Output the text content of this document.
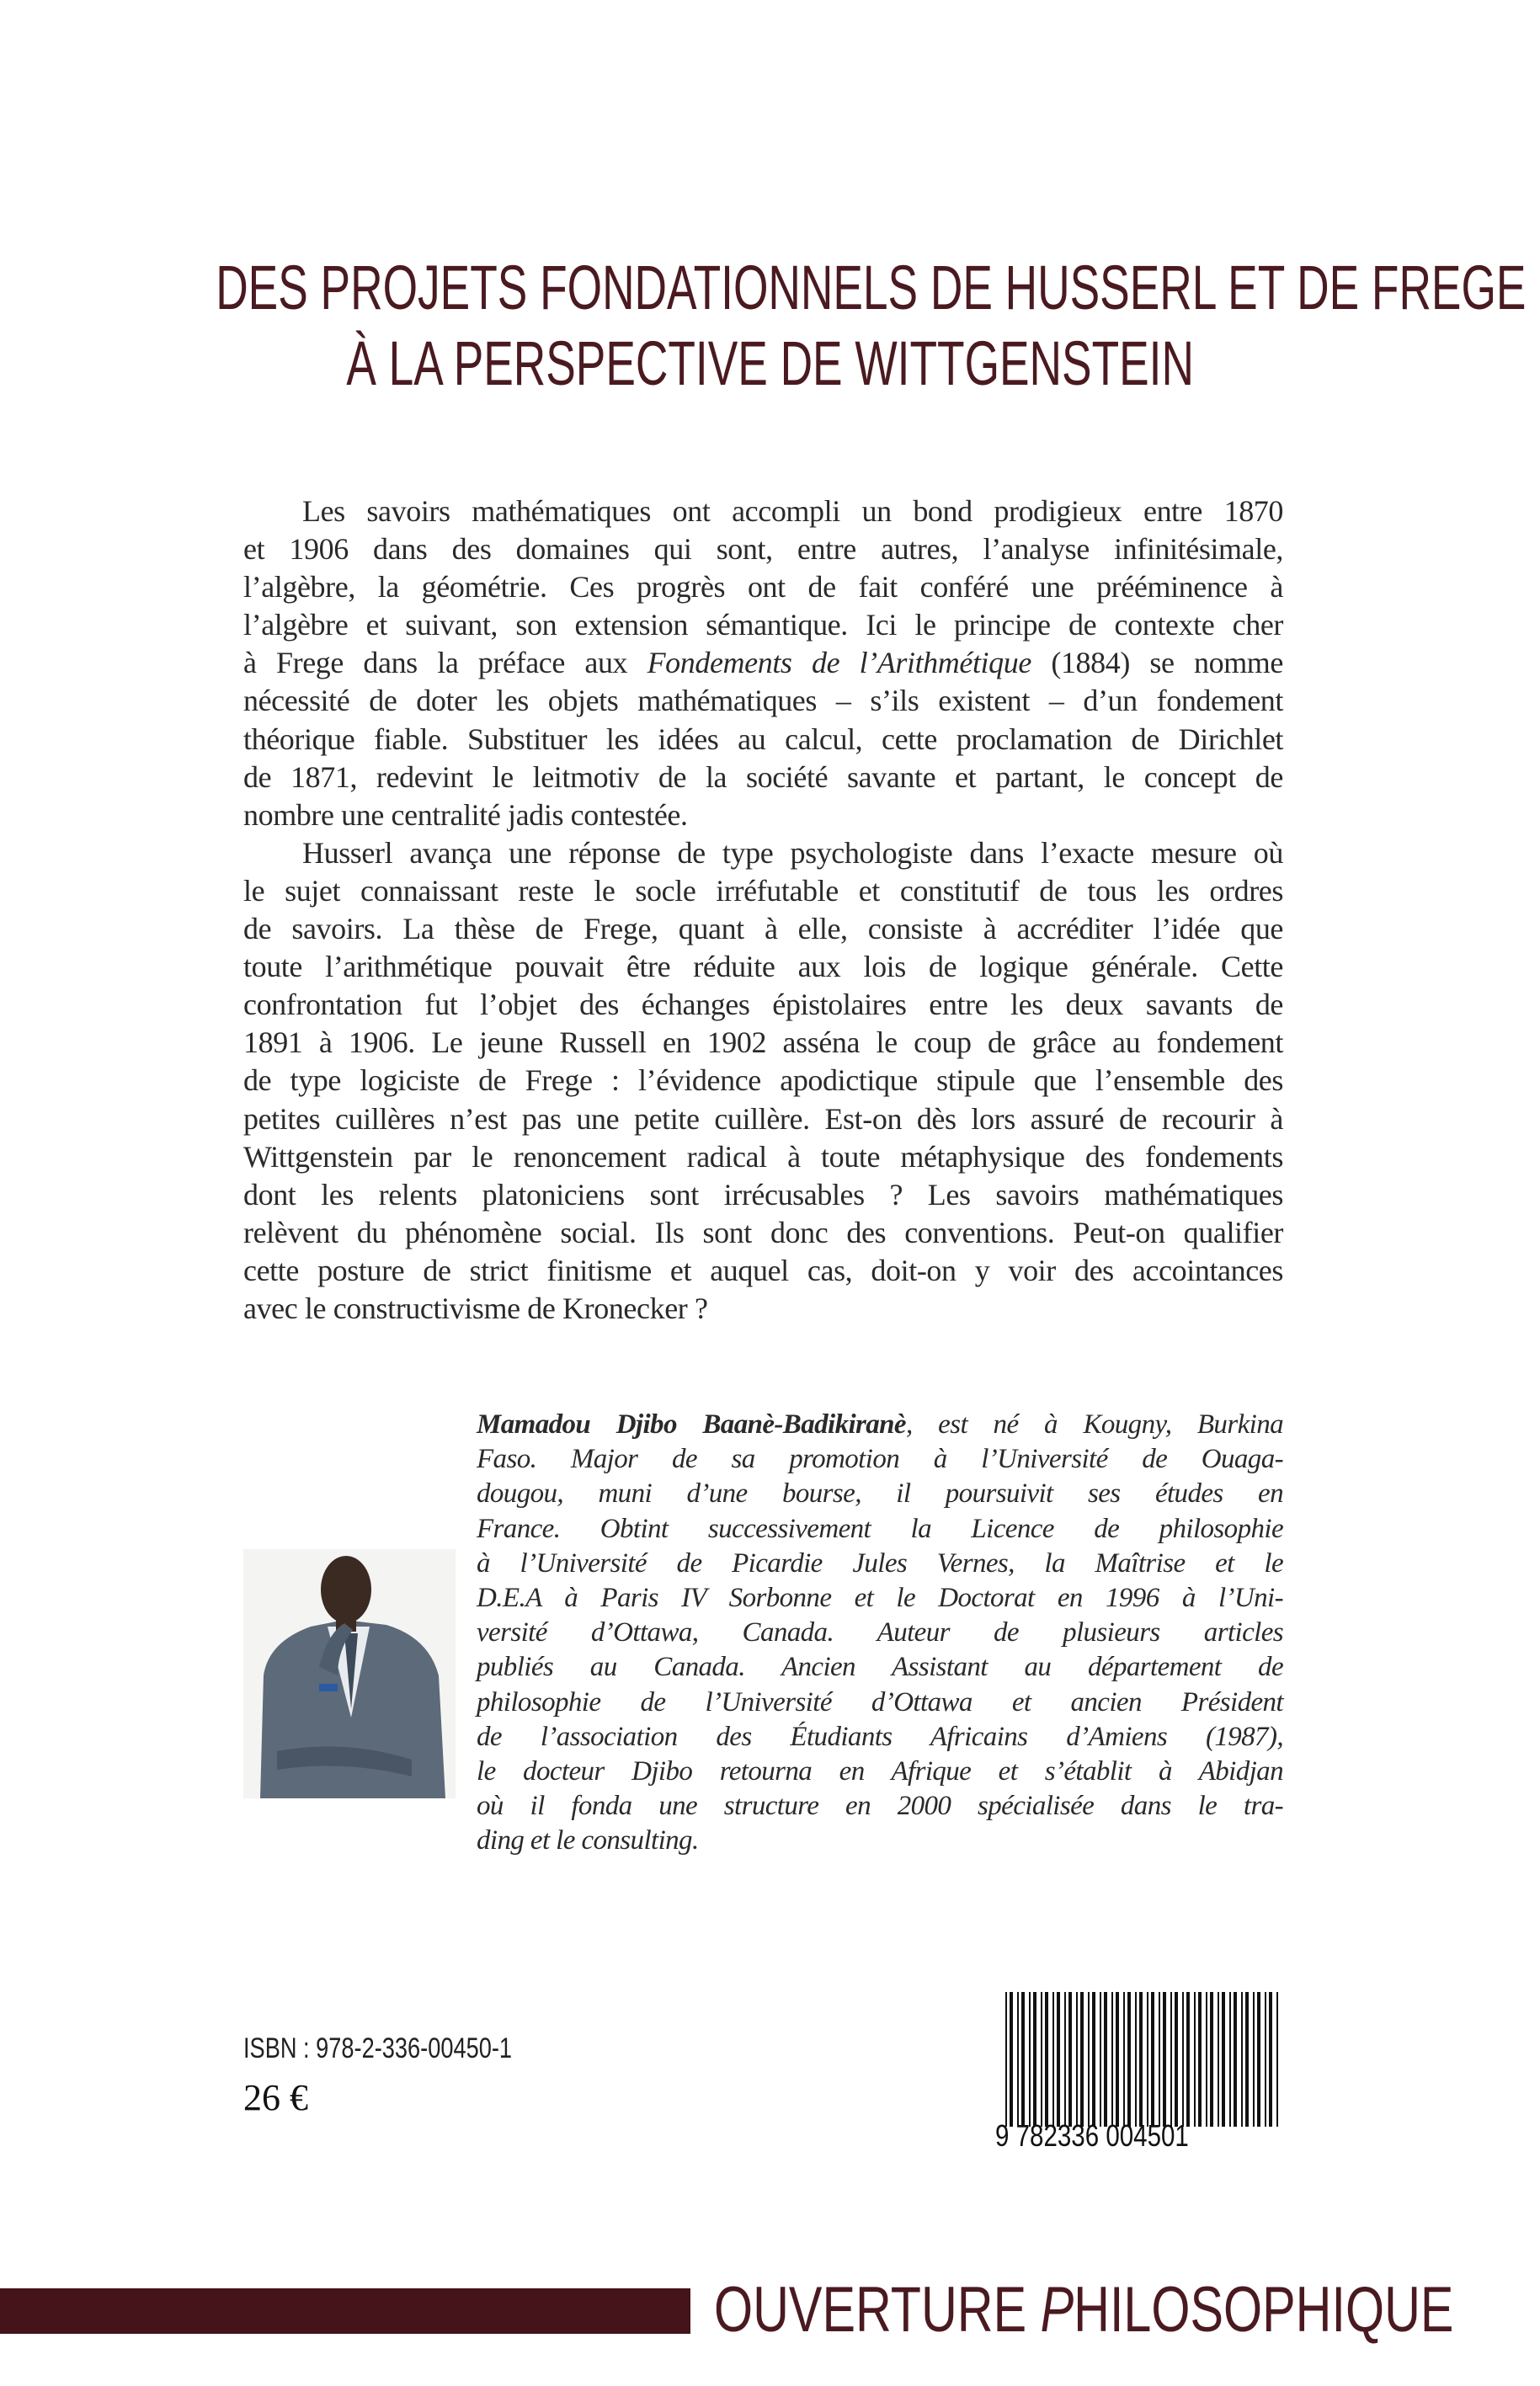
DES PROJETS FONDATIONNELS DE HUSSERL ET DE FREGE
À LA PERSPECTIVE DE WITTGENSTEIN
Les savoirs mathématiques ont accompli un bond prodigieux entre 1870
et 1906 dans des domaines qui sont, entre autres, l’analyse infinitésimale,
l’algèbre, la géométrie. Ces progrès ont de fait conféré une prééminence à
l’algèbre et suivant, son extension sémantique. Ici le principe de contexte cher
à Frege dans la préface aux Fondements de l’Arithmétique (1884) se nomme
nécessité de doter les objets mathématiques – s’ils existent – d’un fondement
théorique fiable. Substituer les idées au calcul, cette proclamation de Dirichlet
de 1871, redevint le leitmotiv de la société savante et partant, le concept de
nombre une centralité jadis contestée.
Husserl avança une réponse de type psychologiste dans l’exacte mesure où
le sujet connaissant reste le socle irréfutable et constitutif de tous les ordres
de savoirs. La thèse de Frege, quant à elle, consiste à accréditer l’idée que
toute l’arithmétique pouvait être réduite aux lois de logique générale. Cette
confrontation fut l’objet des échanges épistolaires entre les deux savants de
1891 à 1906. Le jeune Russell en 1902 asséna le coup de grâce au fondement
de type logiciste de Frege : l’évidence apodictique stipule que l’ensemble des
petites cuillères n’est pas une petite cuillère. Est-on dès lors assuré de recourir à
Wittgenstein par le renoncement radical à toute métaphysique des fondements
dont les relents platoniciens sont irrécusables ? Les savoirs mathématiques
relèvent du phénomène social. Ils sont donc des conventions. Peut-on qualifier
cette posture de strict finitisme et auquel cas, doit-on y voir des accointances
avec le constructivisme de Kronecker ?
Mamadou Djibo Baanè-Badikiranè, est né à Kougny, Burkina
Faso. Major de sa promotion à l’Université de Ouaga-
dougou, muni d’une bourse, il poursuivit ses études en
France. Obtint successivement la Licence de philosophie
à l’Université de Picardie Jules Vernes, la Maîtrise et le
D.E.A à Paris IV Sorbonne et le Doctorat en 1996 à l’Uni-
versité d’Ottawa, Canada. Auteur de plusieurs articles
publiés au Canada. Ancien Assistant au département de
philosophie de l’Université d’Ottawa et ancien Président
de l’association des Étudiants Africains d’Amiens (1987),
le docteur Djibo retourna en Afrique et s’établit à Abidjan
où il fonda une structure en 2000 spécialisée dans le tra-
ding et le consulting.
ISBN : 978-2-336-00450-1
26 €
9 782336 004501
OUVERTURE PHILOSOPHIQUE
